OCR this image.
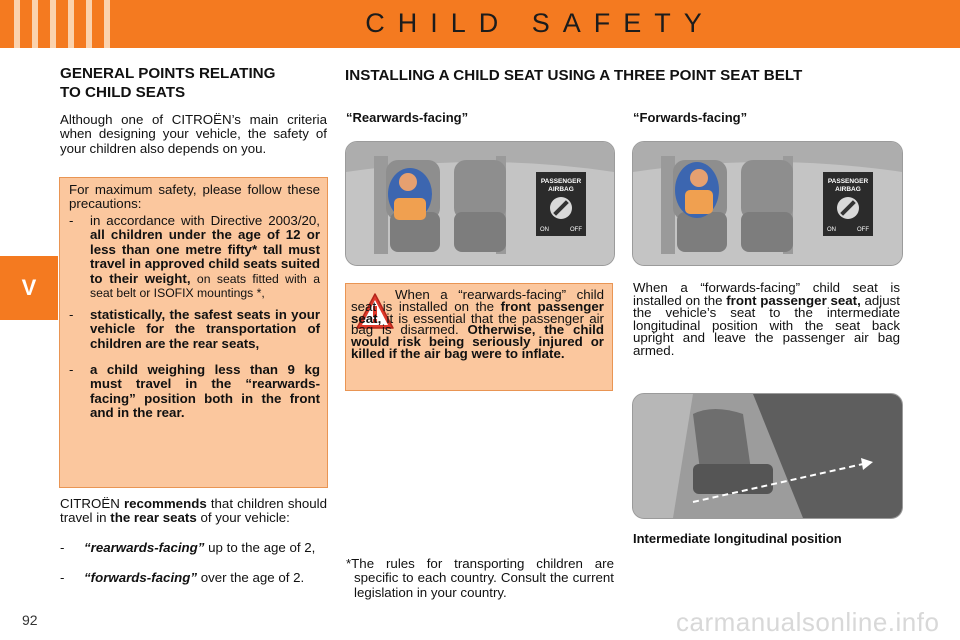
CHILD SAFETY
V
GENERAL POINTS RELATING
TO CHILD SEATS

Although one of CITROËN’s main criteria when designing your vehicle, the safety of your children also depends on you.

For maximum safety, please follow these precautions:

- in accordance with Directive 2003/20, all children under the age of 12 or less than one metre fifty* tall must travel in approved child seats suited to their weight, on seats fitted with a seat belt or ISOFIX mountings *,
- statistically, the safest seats in your vehicle for the transportation of children are the rear seats,
- a child weighing less than 9 kg must travel in the “rearwards-facing” position both in the front and in the rear.

CITROËN recommends that children should travel in the rear seats of your vehicle:

- “rearwards-facing” up to the age of 2,
- “forwards-facing” over the age of 2.
INSTALLING A CHILD SEAT USING A THREE POINT SEAT BELT
“Rearwards-facing”	“Forwards-facing”
PASSENGER
AIRBAG
ON	OFF
PASSENGER
AIRBAG
ON	OFF

When a “rearwards-facing” child seat is installed on the front passenger seat, it is essential that the passenger air bag is disarmed. Otherwise, the child would risk being seriously injured or killed if the air bag were to inflate.

When a “forwards-facing” child seat is installed on the front passenger seat, adjust the vehicle’s seat to the intermediate longitudinal position with the seat back upright and leave the passenger air bag armed.

Intermediate longitudinal position

*The rules for transporting children are specific to each country. Consult the current legislation in your country.

92	carmanualsonline.info
